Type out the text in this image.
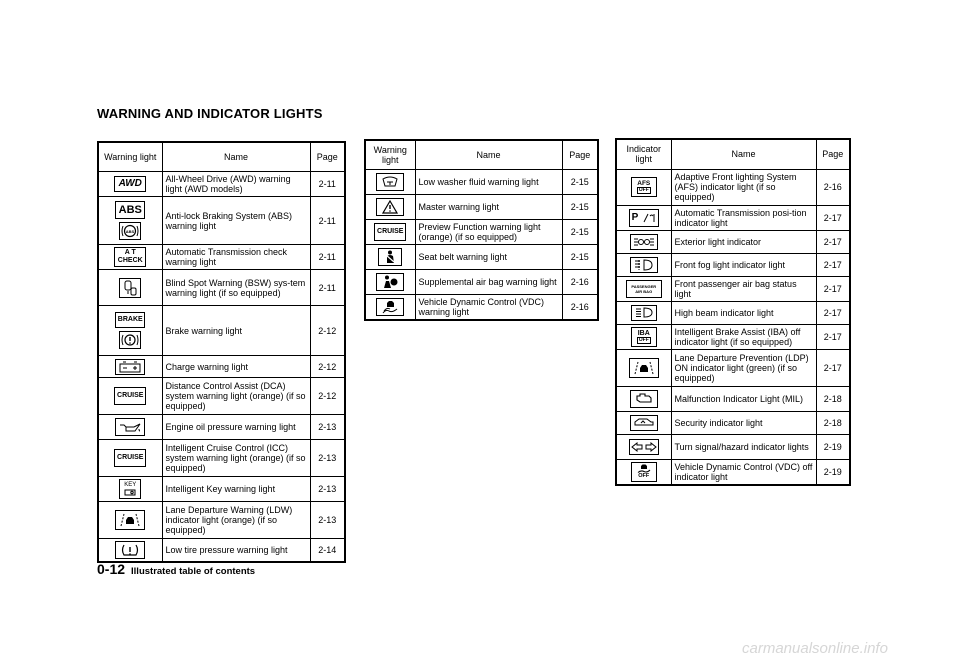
WARNING AND INDICATOR LIGHTS
Warning light	Name	Page
AWD	All-Wheel Drive (AWD) warning light (AWD models)	2-11

ABS
ABS	Anti-lock Braking System (ABS) warning light	2-11

A T
CHECK	Automatic Transmission check warning light	2-11

	Blind Spot Warning (BSW) sys-tem warning light (if so equipped)	2-11

BRAKE	Brake warning light	2-12

	Charge warning light	2-12
CRUISE	Distance Control Assist (DCA) system warning light (orange) (if so equipped)	2-12

	Engine oil pressure warning light	2-13
CRUISE	Intelligent Cruise Control (ICC) system warning light (orange) (if so equipped)	2-13

KEY	Intelligent Key warning light	2-13

	Lane Departure Warning (LDW) indicator light (orange) (if so equipped)	2-13

	Low tire pressure warning light	2-14
Warning light	Name	Page

	Low washer fluid warning light	2-15

	Master warning light	2-15
CRUISE	Preview Function warning light (orange) (if so equipped)	2-15

	Seat belt warning light	2-15

	Supplemental air bag warning light	2-16

	Vehicle Dynamic Control (VDC) warning light	2-16
Indicator light	Name	Page

AFS
OFF	Adaptive Front lighting System (AFS) indicator light (if so equipped)	2-16

P	Automatic Transmission posi-tion indicator light	2-17

	Exterior light indicator	2-17

	Front fog light indicator light	2-17

PASSENGER
AIR BAG	Front passenger air bag status light	2-17

	High beam indicator light	2-17

IBA
OFF	Intelligent Brake Assist (IBA) off indicator light (if so equipped)	2-17

	Lane Departure Prevention (LDP) ON indicator light (green) (if so equipped)	2-17

	Malfunction Indicator Light (MIL)	2-18

	Security indicator light	2-18

	Turn signal/hazard indicator lights	2-19

OFF	Vehicle Dynamic Control (VDC) off indicator light	2-19
0-12 Illustrated table of contents
carmanualsonline.info
